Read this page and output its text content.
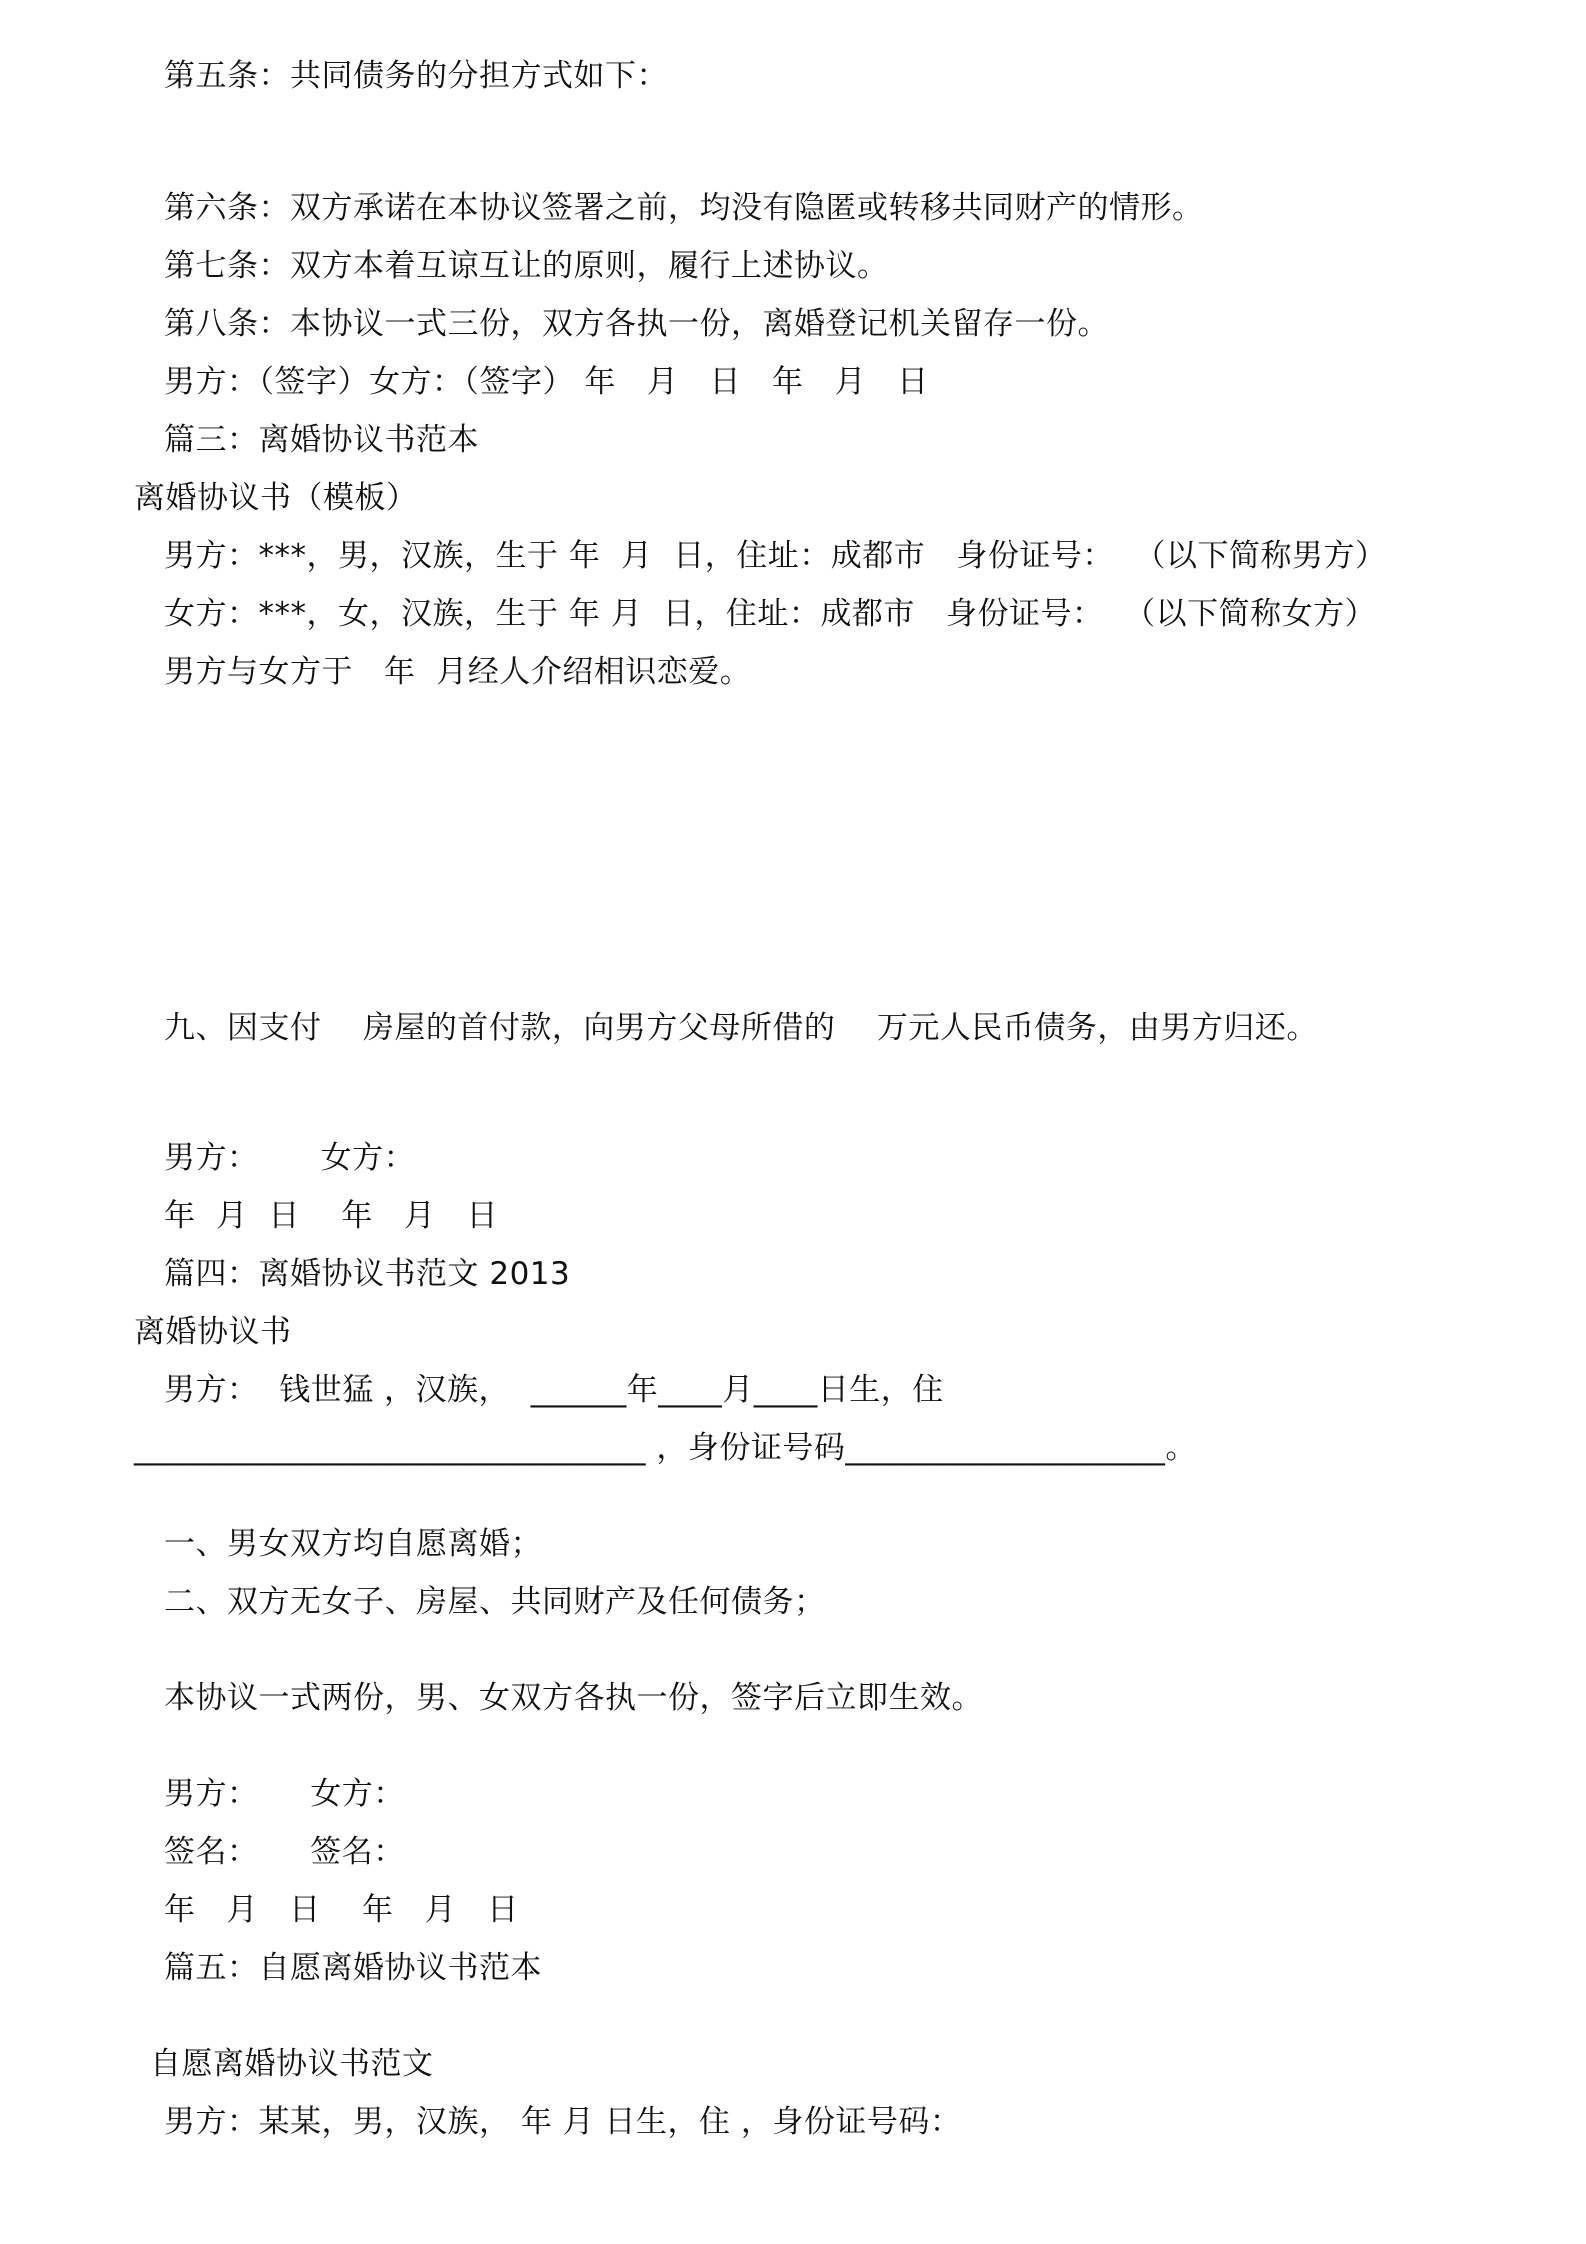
第五条：共同债务的分担方式如下：
第六条：双方承诺在本协议签署之前，均没有隐匿或转移共同财产的情形。
第七条：双方本着互谅互让的原则，履行上述协议。
第八条：本协议一式三份，双方各执一份，离婚登记机关留存一份。
男方：（签字）女方：（签字） 年   月   日   年   月   日
篇三：离婚协议书范本
离婚协议书（模板）
男方：***，男，汉族，生于 年  月  日，住址：成都市   身份证号：  （以下简称男方）
女方：***，女，汉族，生于 年 月  日，住址：成都市   身份证号：  （以下简称女方）
男方与女方于   年  月经人介绍相识恋爱。
九、因支付    房屋的首付款，向男方父母所借的    万元人民币债务，由男方归还。
男方：      女方：
年  月  日    年   月   日
篇四：离婚协议书范文 2013
离婚协议书
男方：  钱世猛 ，汉族，  ______年____月____日生，住
________________________________ ，身份证号码____________________。
一、男女双方均自愿离婚；
二、双方无女子、房屋、共同财产及任何债务；
本协议一式两份，男、女双方各执一份，签字后立即生效。
男方：     女方：
签名：     签名：
年   月   日    年   月   日
篇五：自愿离婚协议书范本
自愿离婚协议书范文
男方：某某，男，汉族， 年 月 日生，住 ，身份证号码：
